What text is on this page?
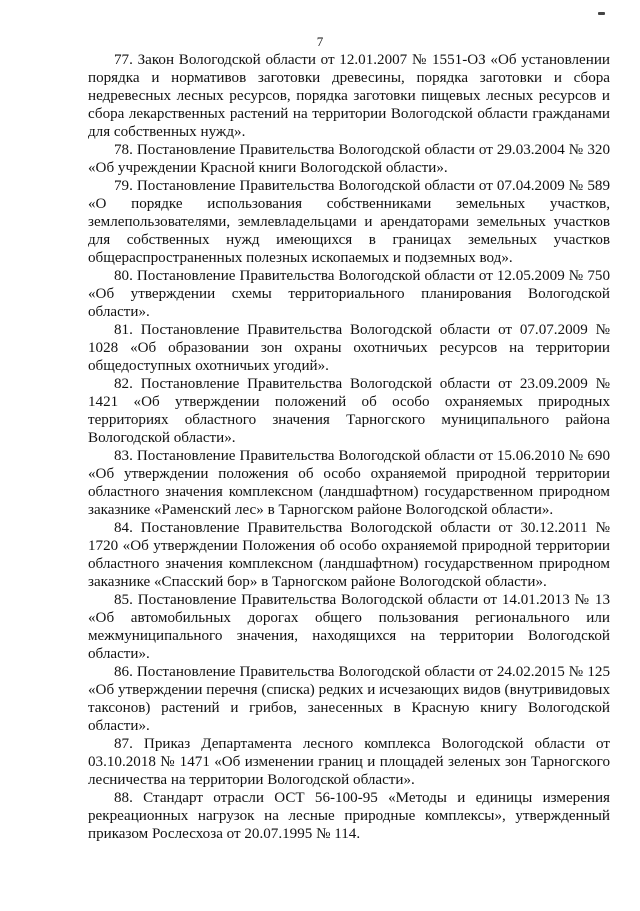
7

77. Закон Вологодской области от 12.01.2007 № 1551-ОЗ «Об установлении порядка и нормативов заготовки древесины, порядка заготовки и сбора недревесных лесных ресурсов, порядка заготовки пищевых лесных ресурсов и сбора лекарственных растений на территории Вологодской области гражданами для собственных нужд».

78. Постановление Правительства Вологодской области от 29.03.2004 № 320 «Об учреждении Красной книги Вологодской области».

79. Постановление Правительства Вологодской области от 07.04.2009 № 589 «О порядке использования собственниками земельных участков, землепользователями, землевладельцами и арендаторами земельных участков для собственных нужд имеющихся в границах земельных участков общераспространенных полезных ископаемых и подземных вод».

80. Постановление Правительства Вологодской области от 12.05.2009 № 750 «Об утверждении схемы территориального планирования Вологодской области».

81. Постановление Правительства Вологодской области от 07.07.2009 № 1028 «Об образовании зон охраны охотничьих ресурсов на территории общедоступных охотничьих угодий».

82. Постановление Правительства Вологодской области от 23.09.2009 № 1421 «Об утверждении положений об особо охраняемых природных территориях областного значения Тарногского муниципального района Вологодской области».

83. Постановление Правительства Вологодской области от 15.06.2010 № 690 «Об утверждении положения об особо охраняемой природной территории областного значения комплексном (ландшафтном) государственном природном заказнике «Раменский лес» в Тарногском районе Вологодской области».

84. Постановление Правительства Вологодской области от 30.12.2011 № 1720 «Об утверждении Положения об особо охраняемой природной территории областного значения комплексном (ландшафтном) государственном природном заказнике «Спасский бор» в Тарногском районе Вологодской области».

85. Постановление Правительства Вологодской области от 14.01.2013 № 13 «Об автомобильных дорогах общего пользования регионального или межмуниципального значения, находящихся на территории Вологодской области».

86. Постановление Правительства Вологодской области от 24.02.2015 № 125 «Об утверждении перечня (списка) редких и исчезающих видов (внутривидовых таксонов) растений и грибов, занесенных в Красную книгу Вологодской области».

87. Приказ Департамента лесного комплекса Вологодской области от 03.10.2018 № 1471 «Об изменении границ и площадей зеленых зон Тарногского лесничества на территории Вологодской области».

88. Стандарт отрасли ОСТ 56-100-95 «Методы и единицы измерения рекреационных нагрузок на лесные природные комплексы», утвержденный приказом Рослесхоза от 20.07.1995 № 114.
